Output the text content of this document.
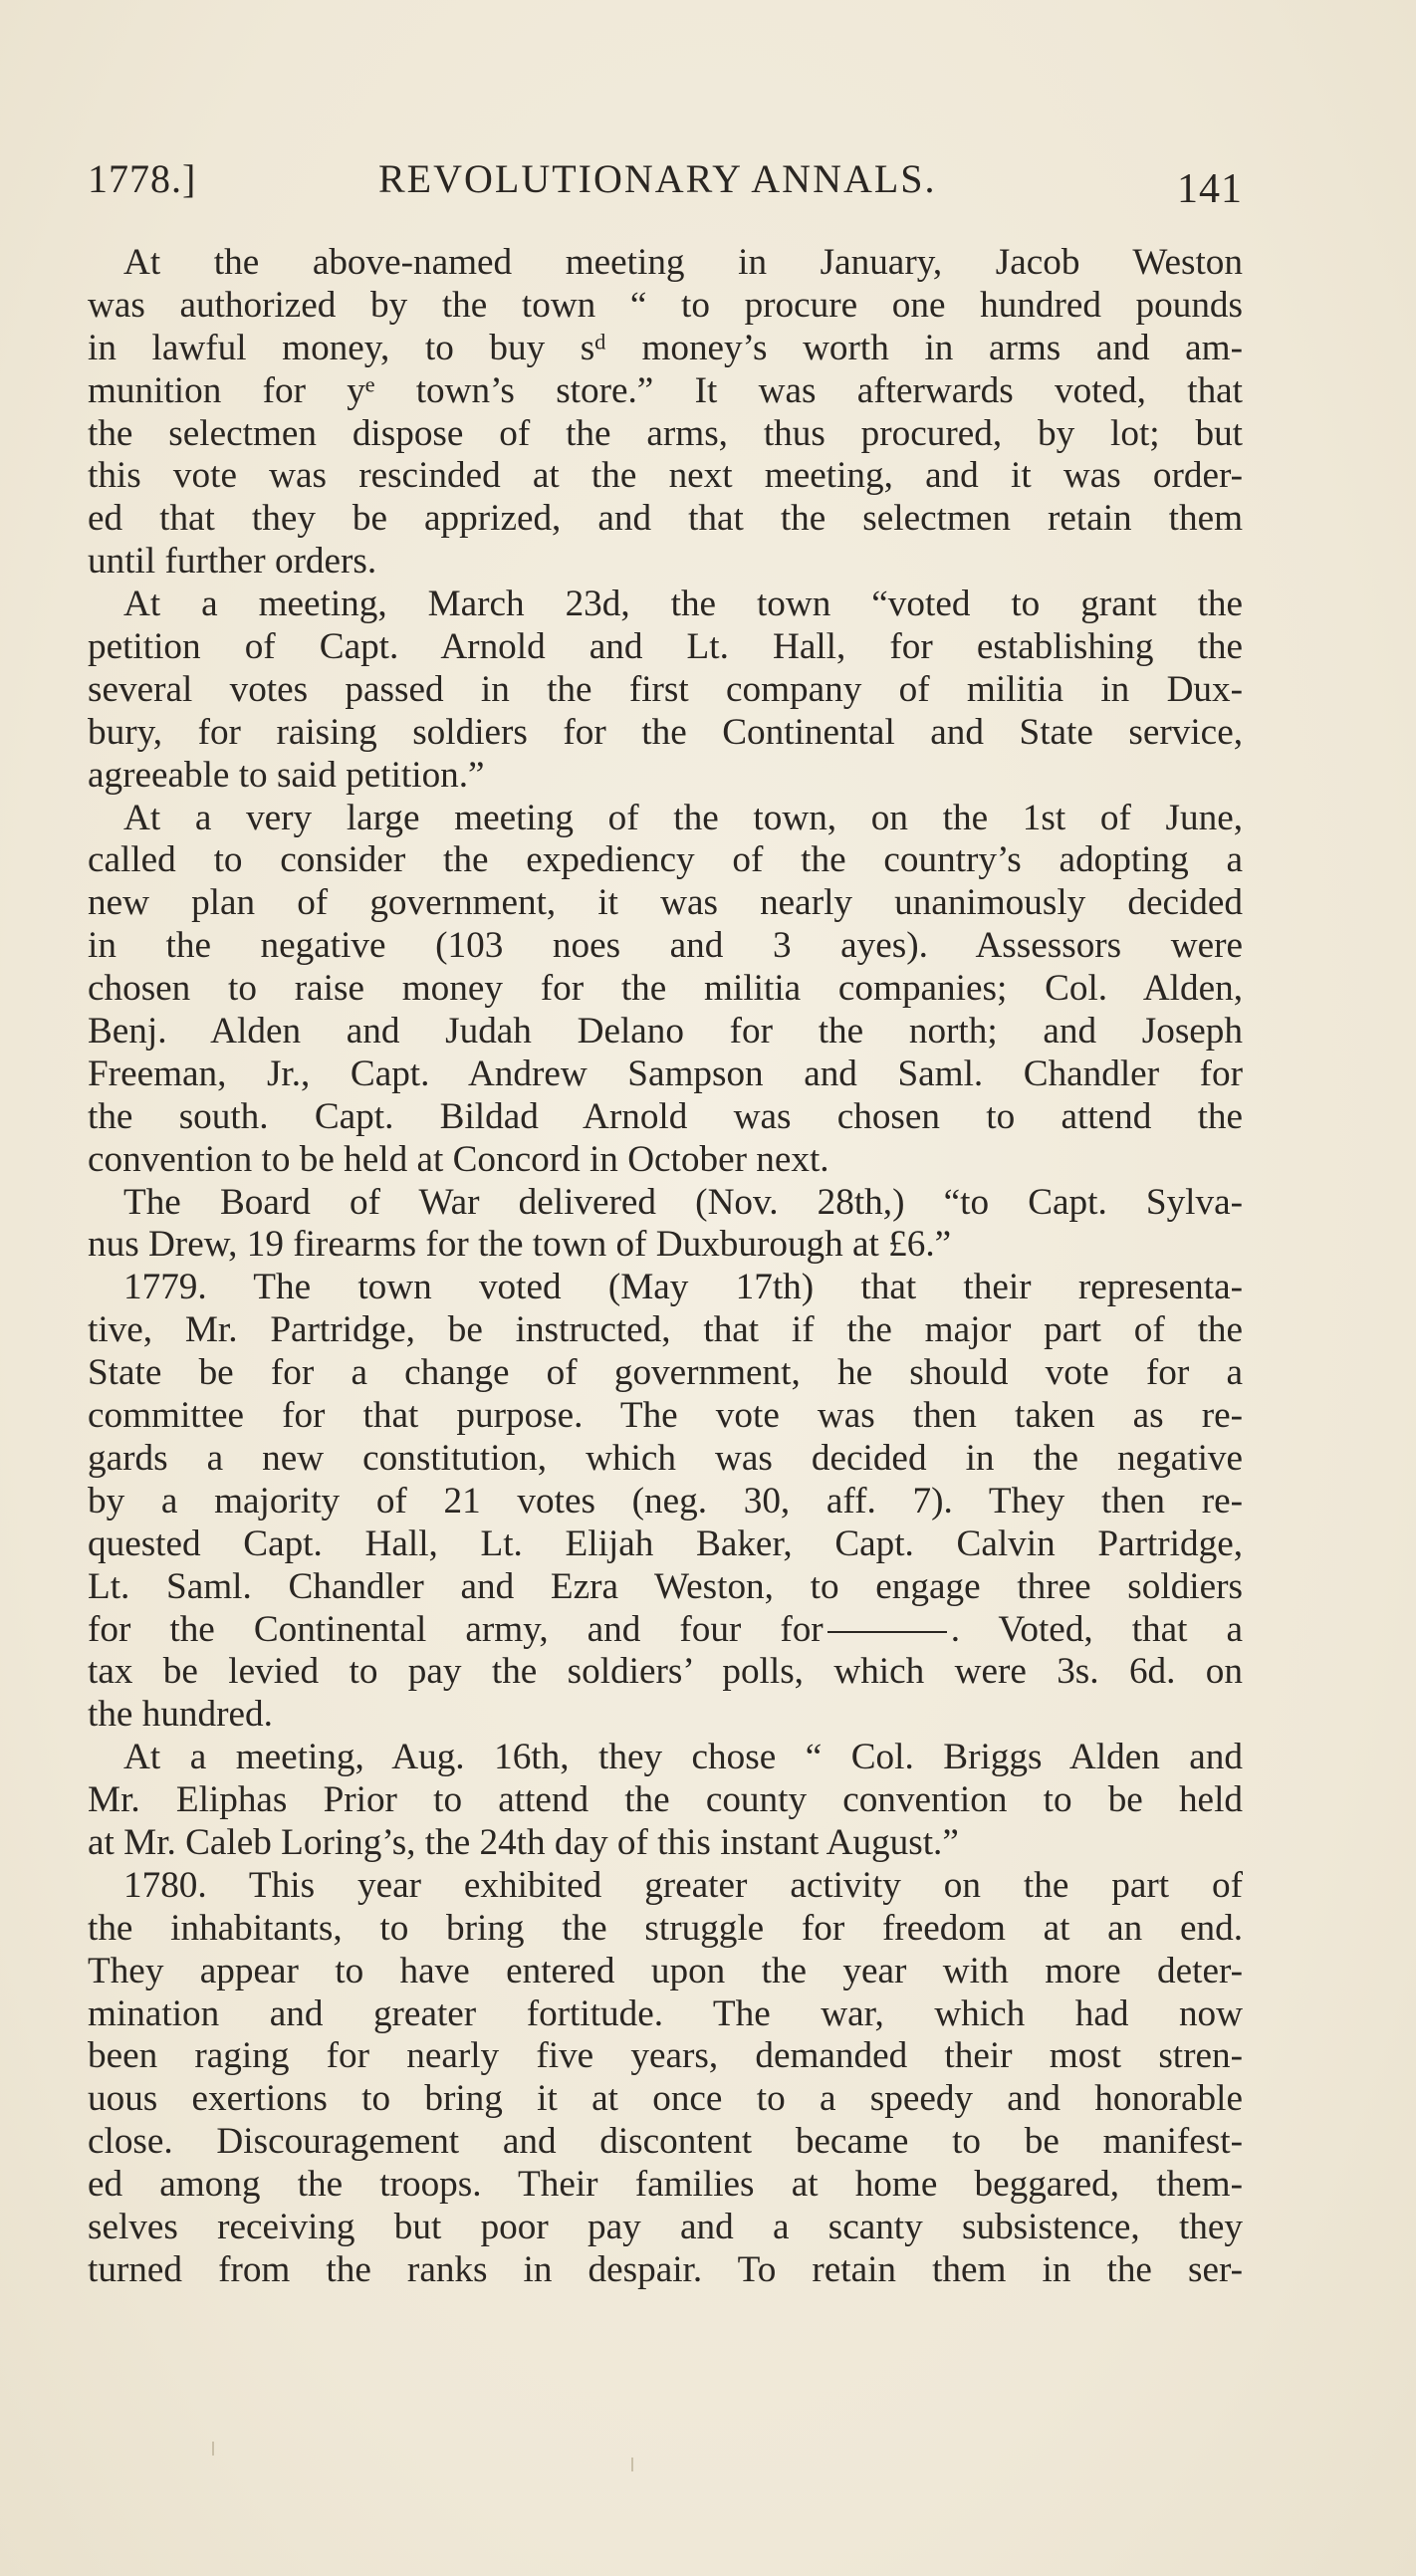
1778.]	REVOLUTIONARY ANNALS.	141
At the above-named meeting in January, Jacob Weston
was authorized by the town “ to procure one hundred pounds
in lawful money, to buy sᵈ money’s worth in arms and am-
munition for yᵉ town’s store.” It was afterwards voted, that
the selectmen dispose of the arms, thus procured, by lot; but
this vote was rescinded at the next meeting, and it was order-
ed that they be apprized, and that the selectmen retain them
until further orders.
At a meeting, March 23d, the town “voted to grant the
petition of Capt. Arnold and Lt. Hall, for establishing the
several votes passed in the first company of militia in Dux-
bury, for raising soldiers for the Continental and State service,
agreeable to said petition.”
At a very large meeting of the town, on the 1st of June,
called to consider the expediency of the country’s adopting a
new plan of government, it was nearly unanimously decided
in the negative (103 noes and 3 ayes). Assessors were
chosen to raise money for the militia companies; Col. Alden,
Benj. Alden and Judah Delano for the north; and Joseph
Freeman, Jr., Capt. Andrew Sampson and Saml. Chandler for
the south. Capt. Bildad Arnold was chosen to attend the
convention to be held at Concord in October next.
The Board of War delivered (Nov. 28th,) “to Capt. Sylva-
nus Drew, 19 firearms for the town of Duxburough at £6.”
1779. The town voted (May 17th) that their representa-
tive, Mr. Partridge, be instructed, that if the major part of the
State be for a change of government, he should vote for a
committee for that purpose. The vote was then taken as re-
gards a new constitution, which was decided in the negative
by a majority of 21 votes (neg. 30, aff. 7). They then re-
quested Capt. Hall, Lt. Elijah Baker, Capt. Calvin Partridge,
Lt. Saml. Chandler and Ezra Weston, to engage three soldiers
for the Continental army, and four for	. Voted, that a
tax be levied to pay the soldiers’ polls, which were 3s. 6d. on
the hundred.
At a meeting, Aug. 16th, they chose “ Col. Briggs Alden and
Mr. Eliphas Prior to attend the county convention to be held
at Mr. Caleb Loring’s, the 24th day of this instant August.”
1780. This year exhibited greater activity on the part of
the inhabitants, to bring the struggle for freedom at an end.
They appear to have entered upon the year with more deter-
mination and greater fortitude. The war, which had now
been raging for nearly five years, demanded their most stren-
uous exertions to bring it at once to a speedy and honorable
close. Discouragement and discontent became to be manifest-
ed among the troops. Their families at home beggared, them-
selves receiving but poor pay and a scanty subsistence, they
turned from the ranks in despair. To retain them in the ser-
